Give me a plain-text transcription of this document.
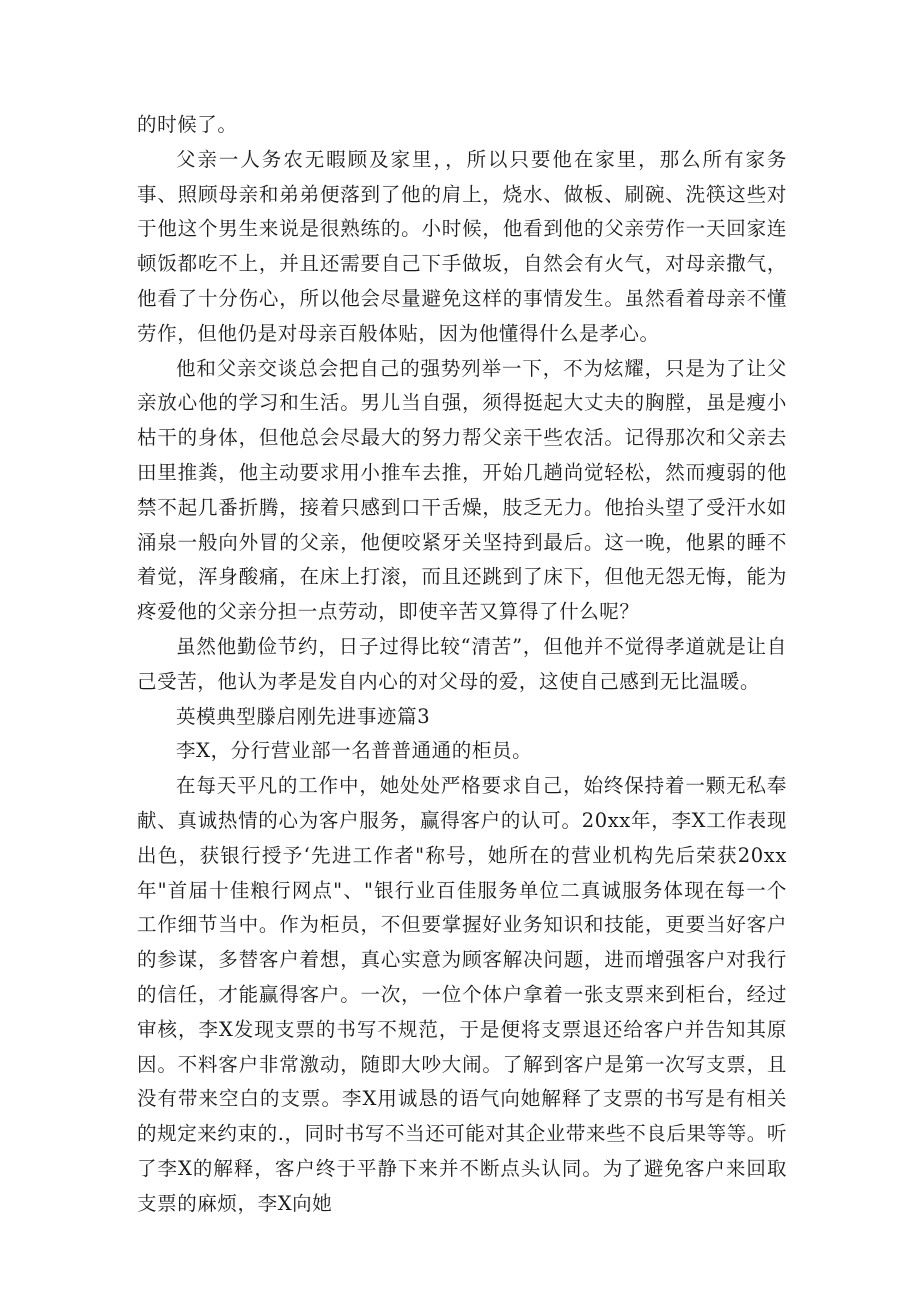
的时候了。

父亲一人务农无暇顾及家里，，所以只要他在家里，那么所有家务事、照顾母亲和弟弟便落到了他的肩上，烧水、做板、刷碗、洗筷这些对于他这个男生来说是很熟练的。小时候，他看到他的父亲劳作一天回家连顿饭都吃不上，并且还需要自己下手做坂，自然会有火气，对母亲撒气，他看了十分伤心，所以他会尽量避免这样的事情发生。虽然看着母亲不懂劳作，但他仍是对母亲百般体贴，因为他懂得什么是孝心。

他和父亲交谈总会把自己的强势列举一下，不为炫耀，只是为了让父亲放心他的学习和生活。男儿当自强，须得挺起大丈夫的胸膛，虽是瘦小枯干的身体，但他总会尽最大的努力帮父亲干些农活。记得那次和父亲去田里推粪，他主动要求用小推车去推，开始几趟尚觉轻松，然而瘦弱的他禁不起几番折腾，接着只感到口干舌燥，肢乏无力。他抬头望了受汗水如涌泉一般向外冒的父亲，他便咬紧牙关坚持到最后。这一晚，他累的睡不着觉，浑身酸痛，在床上打滚，而且还跳到了床下，但他无怨无悔，能为疼爱他的父亲分担一点劳动，即使辛苦又算得了什么呢？

虽然他勤俭节约，日子过得比较“清苦”，但他并不觉得孝道就是让自己受苦，他认为孝是发自内心的对父母的爱，这使自己感到无比温暖。

英模典型滕启刚先进事迹篇3

李X，分行营业部一名普普通通的柜员。

在每天平凡的工作中，她处处严格要求自己，始终保持着一颗无私奉献、真诚热情的心为客户服务，赢得客户的认可。20xx年，李X工作表现出色，获银行授予‘先进工作者"称号，她所在的营业机构先后荣获20xx年"首届十佳粮行网点"、"银行业百佳服务单位二真诚服务体现在每一个工作细节当中。作为柜员，不但要掌握好业务知识和技能，更要当好客户的参谋，多替客户着想，真心实意为顾客解决问题，进而增强客户对我行的信任，才能赢得客户。一次，一位个体户拿着一张支票来到柜台，经过审核，李X发现支票的书写不规范，于是便将支票退还给客户并告知其原因。不料客户非常激动，随即大吵大闹。了解到客户是第一次写支票，且没有带来空白的支票。李X用诚恳的语气向她解释了支票的书写是有相关的规定来约束的.，同时书写不当还可能对其企业带来些不良后果等等。听了李X的解释，客户终于平静下来并不断点头认同。为了避免客户来回取支票的麻烦，李X向她
